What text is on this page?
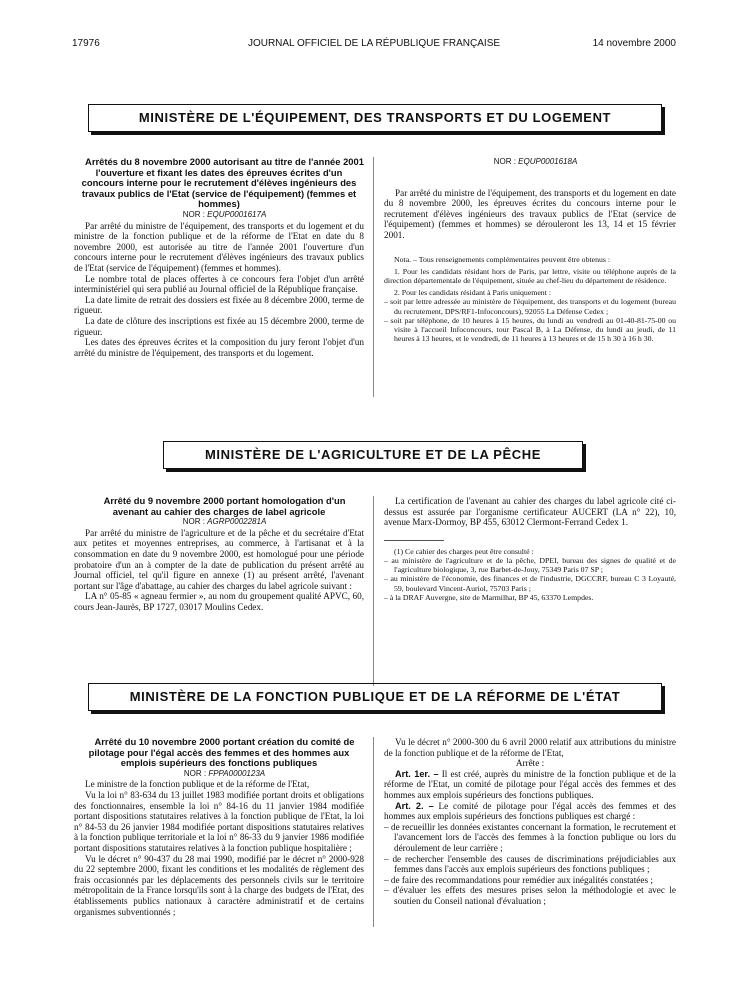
17976	JOURNAL OFFICIEL DE LA RÉPUBLIQUE FRANÇAISE	14 novembre 2000
MINISTÈRE DE L'ÉQUIPEMENT, DES TRANSPORTS ET DU LOGEMENT

Arrêtés du 8 novembre 2000 autorisant au titre de l'année 2001 l'ouverture et fixant les dates des épreuves écrites d'un concours interne pour le recrutement d'élèves ingénieurs des travaux publics de l'Etat (service de l'équipement) (femmes et hommes)

NOR : EQUP0001617A

Par arrêté du ministre de l'équipement, des transports et du logement et du ministre de la fonction publique et de la réforme de l'Etat en date du 8 novembre 2000, est autorisée au titre de l'année 2001 l'ouverture d'un concours interne pour le recrutement d'élèves ingénieurs des travaux publics de l'Etat (service de l'équipement) (femmes et hommes).

Le nombre total de places offertes à ce concours fera l'objet d'un arrêté interministériel qui sera publié au Journal officiel de la République française.

La date limite de retrait des dossiers est fixée au 8 décembre 2000, terme de rigueur.

La date de clôture des inscriptions est fixée au 15 décembre 2000, terme de rigueur.

Les dates des épreuves écrites et la composition du jury feront l'objet d'un arrêté du ministre de l'équipement, des transports et du logement.

NOR : EQUP0001618A

Par arrêté du ministre de l'équipement, des transports et du logement en date du 8 novembre 2000, les épreuves écrites du concours interne pour le recrutement d'élèves ingénieurs des travaux publics de l'Etat (service de l'équipement) (femmes et hommes) se dérouleront les 13, 14 et 15 février 2001.

Nota. – Tous renseignements complémentaires peuvent être obtenus :

1. Pour les candidats résidant hors de Paris, par lettre, visite ou téléphone auprès de la direction départementale de l'équipement, située au chef-lieu du département de résidence.

2. Pour les candidats résidant à Paris uniquement :

– soit par lettre adressée au ministère de l'équipement, des transports et du logement (bureau du recrutement, DPS/RF1-Infoconcours), 92055 La Défense Cedex ;

– soit par téléphone, de 10 heures à 15 heures, du lundi au vendredi au 01-40-81-75-00 ou visite à l'accueil Infoconcours, tour Pascal B, à La Défense, du lundi au jeudi, de 11 heures à 13 heures, et le vendredi, de 11 heures à 13 heures et de 15 h 30 à 16 h 30.

MINISTÈRE DE L'AGRICULTURE ET DE LA PÊCHE

Arrêté du 9 novembre 2000 portant homologation d'un avenant au cahier des charges de label agricole

NOR : AGRP0002281A

Par arrêté du ministre de l'agriculture et de la pêche et du secrétaire d'Etat aux petites et moyennes entreprises, au commerce, à l'artisanat et à la consommation en date du 9 novembre 2000, est homologué pour une période probatoire d'un an à compter de la date de publication du présent arrêté au Journal officiel, tel qu'il figure en annexe (1) au présent arrêté, l'avenant portant sur l'âge d'abattage, au cahier des charges du label agricole suivant :

LA n° 05-85 « agneau fermier », au nom du groupement qualité APVC, 60, cours Jean-Jaurès, BP 1727, 03017 Moulins Cedex.

La certification de l'avenant au cahier des charges du label agricole cité ci-dessus est assurée par l'organisme certificateur AUCERT (LA n° 22), 10, avenue Marx-Dormoy, BP 455, 63012 Clermont-Ferrand Cedex 1.

(1) Ce cahier des charges peut être consulté :

– au ministère de l'agriculture et de la pêche, DPEI, bureau des signes de qualité et de l'agriculture biologique, 3, rue Barbet-de-Jouy, 75349 Paris 07 SP ;

– au ministère de l'économie, des finances et de l'industrie, DGCCRF, bureau C 3 Loyauté, 59, boulevard Vincent-Auriol, 75703 Paris ;

– à la DRAF Auvergne, site de Marmilhat, BP 45, 63370 Lempdes.

MINISTÈRE DE LA FONCTION PUBLIQUE ET DE LA RÉFORME DE L'ÉTAT

Arrêté du 10 novembre 2000 portant création du comité de pilotage pour l'égal accès des femmes et des hommes aux emplois supérieurs des fonctions publiques

NOR : FPPA0000123A

Le ministre de la fonction publique et de la réforme de l'Etat,

Vu la loi n° 83-634 du 13 juillet 1983 modifiée portant droits et obligations des fonctionnaires, ensemble la loi n° 84-16 du 11 janvier 1984 modifiée portant dispositions statutaires relatives à la fonction publique de l'Etat, la loi n° 84-53 du 26 janvier 1984 modifiée portant dispositions statutaires relatives à la fonction publique territoriale et la loi n° 86-33 du 9 janvier 1986 modifiée portant dispositions statutaires relatives à la fonction publique hospitalière ;

Vu le décret n° 90-437 du 28 mai 1990, modifié par le décret n° 2000-928 du 22 septembre 2000, fixant les conditions et les modalités de règlement des frais occasionnés par les déplacements des personnels civils sur le territoire métropolitain de la France lorsqu'ils sont à la charge des budgets de l'Etat, des établissements publics nationaux à caractère administratif et de certains organismes subventionnés ;

Vu le décret n° 2000-300 du 6 avril 2000 relatif aux attributions du ministre de la fonction publique et de la réforme de l'Etat,

Arrête :

Art. 1er. – Il est créé, auprès du ministre de la fonction publique et de la réforme de l'Etat, un comité de pilotage pour l'égal accès des femmes et des hommes aux emplois supérieurs des fonctions publiques.

Art. 2. – Le comité de pilotage pour l'égal accès des femmes et des hommes aux emplois supérieurs des fonctions publiques est chargé :

– de recueillir les données existantes concernant la formation, le recrutement et l'avancement lors de l'accès des femmes à la fonction publique ou lors du déroulement de leur carrière ;

– de rechercher l'ensemble des causes de discriminations préjudiciables aux femmes dans l'accès aux emplois supérieurs des fonctions publiques ;

– de faire des recommandations pour remédier aux inégalités constatées ;

– d'évaluer les effets des mesures prises selon la méthodologie et avec le soutien du Conseil national d'évaluation ;
